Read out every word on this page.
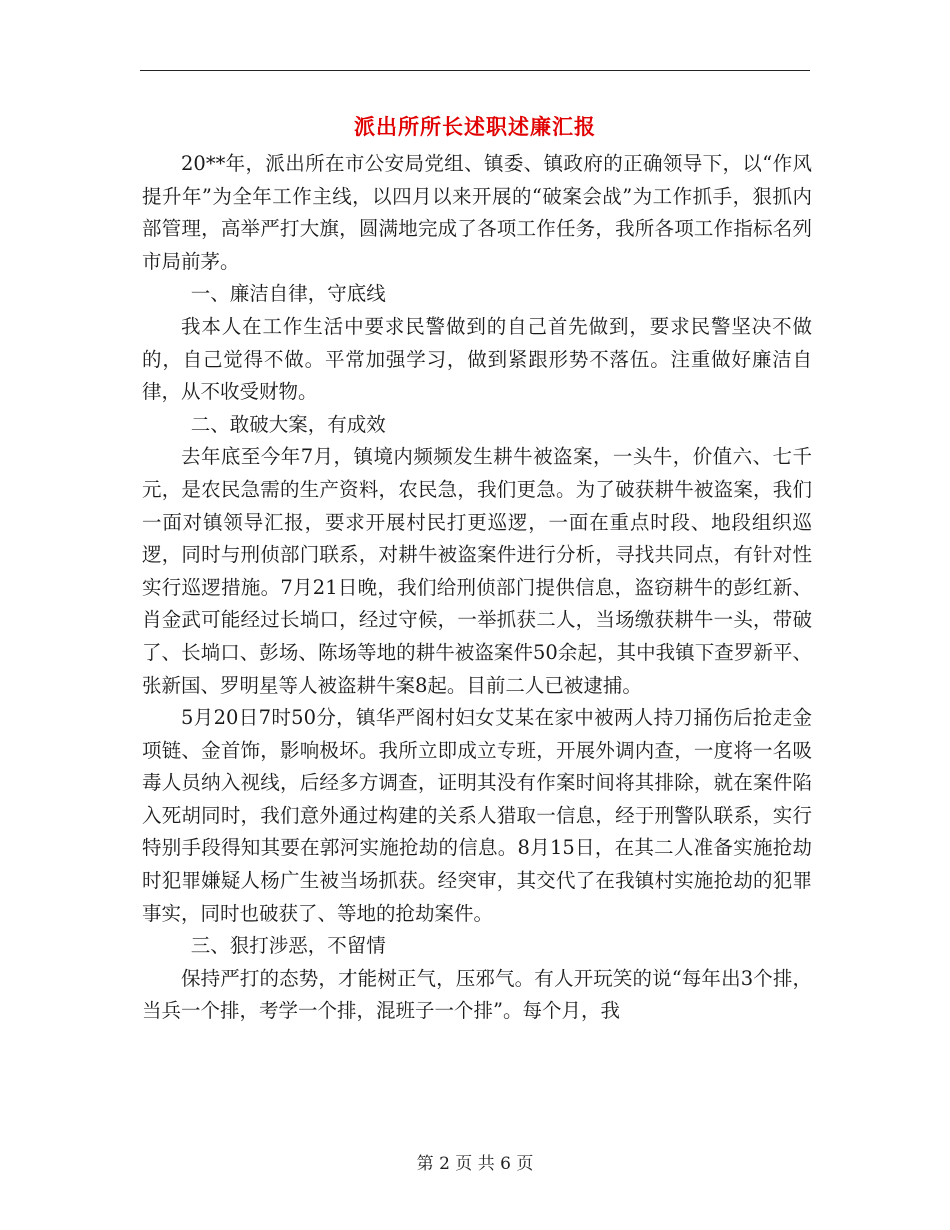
派出所所长述职述廉汇报

20**年，派出所在市公安局党组、镇委、镇政府的正确领导下，以“作风提升年”为全年工作主线，以四月以来开展的“破案会战”为工作抓手，狠抓内部管理，高举严打大旗，圆满地完成了各项工作任务，我所各项工作指标名列市局前茅。

一、廉洁自律，守底线

我本人在工作生活中要求民警做到的自己首先做到，要求民警坚决不做的，自己觉得不做。平常加强学习，做到紧跟形势不落伍。注重做好廉洁自律，从不收受财物。

二、敢破大案，有成效

去年底至今年7月，镇境内频频发生耕牛被盗案，一头牛，价值六、七千元，是农民急需的生产资料，农民急，我们更急。为了破获耕牛被盗案，我们一面对镇领导汇报，要求开展村民打更巡逻，一面在重点时段、地段组织巡逻，同时与刑侦部门联系，对耕牛被盗案件进行分析，寻找共同点，有针对性实行巡逻措施。7月21日晚，我们给刑侦部门提供信息，盗窃耕牛的彭红新、肖金武可能经过长埫口，经过守候，一举抓获二人，当场缴获耕牛一头，带破了、长埫口、彭场、陈场等地的耕牛被盗案件50余起，其中我镇下查罗新平、张新国、罗明星等人被盗耕牛案8起。目前二人已被逮捕。

5月20日7时50分，镇华严阁村妇女艾某在家中被两人持刀捅伤后抢走金项链、金首饰，影响极坏。我所立即成立专班，开展外调内查，一度将一名吸毒人员纳入视线，后经多方调查，证明其没有作案时间将其排除，就在案件陷入死胡同时，我们意外通过构建的关系人猎取一信息，经于刑警队联系，实行特别手段得知其要在郭河实施抢劫的信息。8月15日，在其二人准备实施抢劫时犯罪嫌疑人杨广生被当场抓获。经突审，其交代了在我镇村实施抢劫的犯罪事实，同时也破获了、等地的抢劫案件。

三、狠打涉恶，不留情

保持严打的态势，才能树正气，压邪气。有人开玩笑的说“每年出3个排，当兵一个排，考学一个排，混班子一个排”。每个月，我

第 2 页 共 6 页
